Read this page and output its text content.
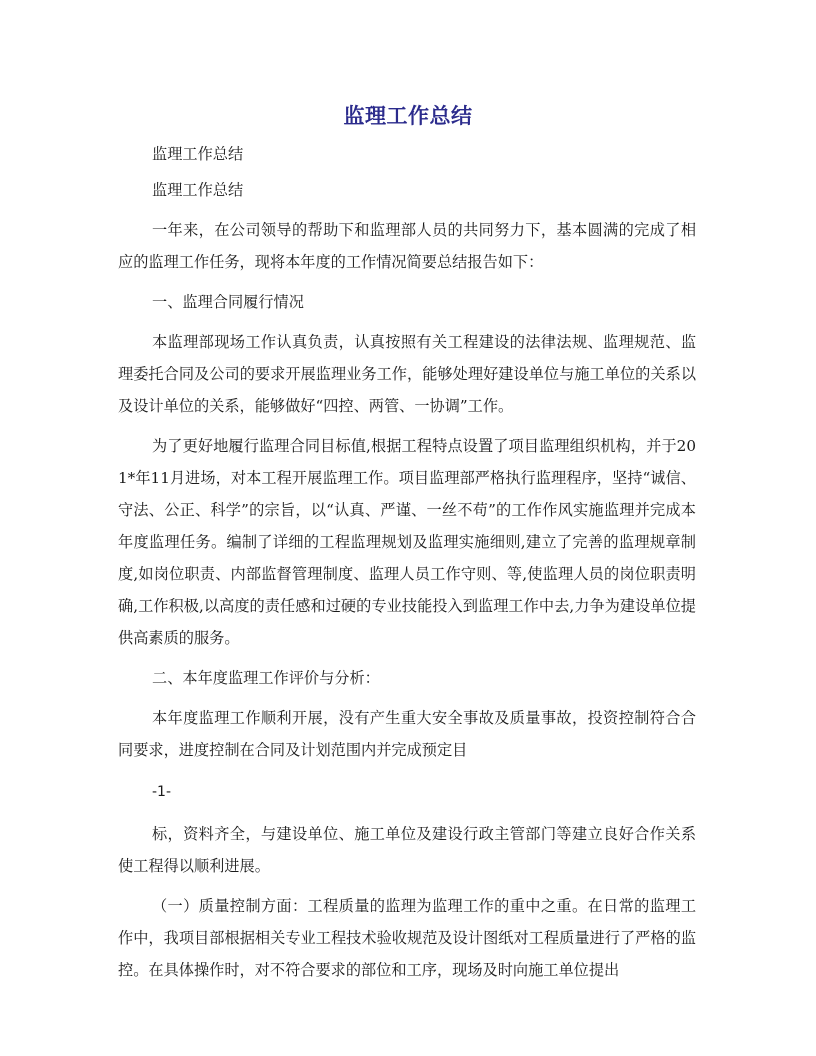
监理工作总结

监理工作总结

监理工作总结

一年来，在公司领导的帮助下和监理部人员的共同努力下，基本圆满的完成了相应的监理工作任务，现将本年度的工作情况简要总结报告如下：

一、监理合同履行情况

本监理部现场工作认真负责，认真按照有关工程建设的法律法规、监理规范、监理委托合同及公司的要求开展监理业务工作，能够处理好建设单位与施工单位的关系以及设计单位的关系，能够做好“四控、两管、一协调”工作。

为了更好地履行监理合同目标值,根据工程特点设置了项目监理组织机构，并于201*年11月进场，对本工程开展监理工作。项目监理部严格执行监理程序，坚持“诚信、守法、公正、科学”的宗旨，以“认真、严谨、一丝不苟”的工作作风实施监理并完成本年度监理任务。编制了详细的工程监理规划及监理实施细则,建立了完善的监理规章制度,如岗位职责、内部监督管理制度、监理人员工作守则、等,使监理人员的岗位职责明确,工作积极,以高度的责任感和过硬的专业技能投入到监理工作中去,力争为建设单位提供高素质的服务。

二、本年度监理工作评价与分析：

本年度监理工作顺利开展，没有产生重大安全事故及质量事故，投资控制符合合同要求，进度控制在合同及计划范围内并完成预定目

-1-

标，资料齐全，与建设单位、施工单位及建设行政主管部门等建立良好合作关系使工程得以顺利进展。

（一）质量控制方面：工程质量的监理为监理工作的重中之重。在日常的监理工作中，我项目部根据相关专业工程技术验收规范及设计图纸对工程质量进行了严格的监控。在具体操作时，对不符合要求的部位和工序，现场及时向施工单位提出
